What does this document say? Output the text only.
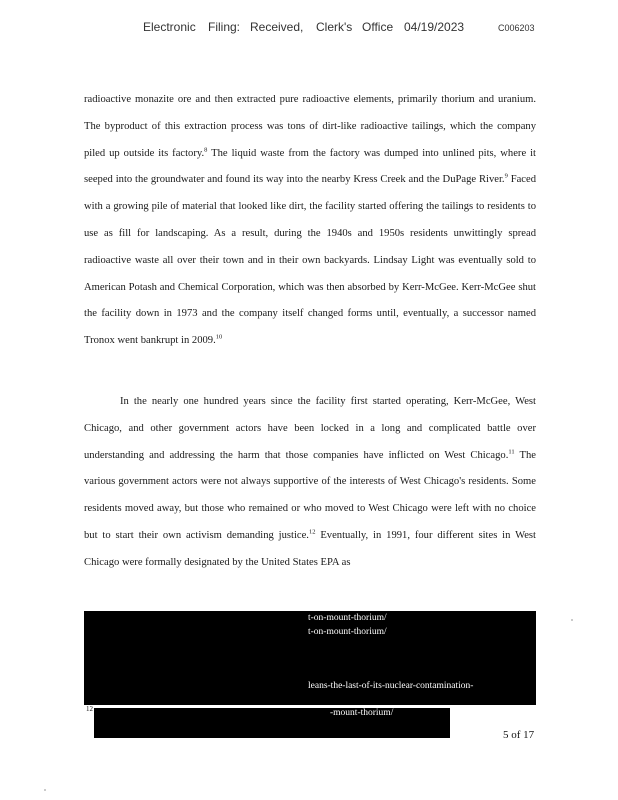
Electronic Filing: Received, Clerk's Office 04/19/2023	C006203
radioactive monazite ore and then extracted pure radioactive elements, primarily thorium and uranium. The byproduct of this extraction process was tons of dirt-like radioactive tailings, which the company piled up outside its factory.$^8$ The liquid waste from the factory was dumped into unlined pits, where it seeped into the groundwater and found its way into the nearby Kress Creek and the DuPage River.$^9$ Faced with a growing pile of material that looked like dirt, the facility started offering the tailings to residents to use as fill for landscaping. As a result, during the 1940s and 1950s residents unwittingly spread radioactive waste all over their town and in their own backyards. Lindsay Light was eventually sold to American Potash and Chemical Corporation, which was then absorbed by Kerr-McGee. Kerr-McGee shut the facility down in 1973 and the company itself changed forms until, eventually, a successor named Tronox went bankrupt in 2009.10
In the nearly one hundred years since the facility first started operating, Kerr-McGee, West Chicago, and other government actors have been locked in a long and complicated battle over understanding and addressing the harm that those companies have inflicted on West Chicago.$^{11}$ The various government actors were not always supportive of the interests of West Chicago's residents. Some residents moved away, but those who remained or who moved to West Chicago were left with no choice but to start their own activism demanding justice.$^{12}$ Eventually, in 1991, four different sites in West Chicago were formally designated by the United States EPA as
t-on-mount-thorium/
t-on-mount-thorium/
leans-the-last-of-its-nuclear-contamination-
12	-mount-thorium/
5 of 17
